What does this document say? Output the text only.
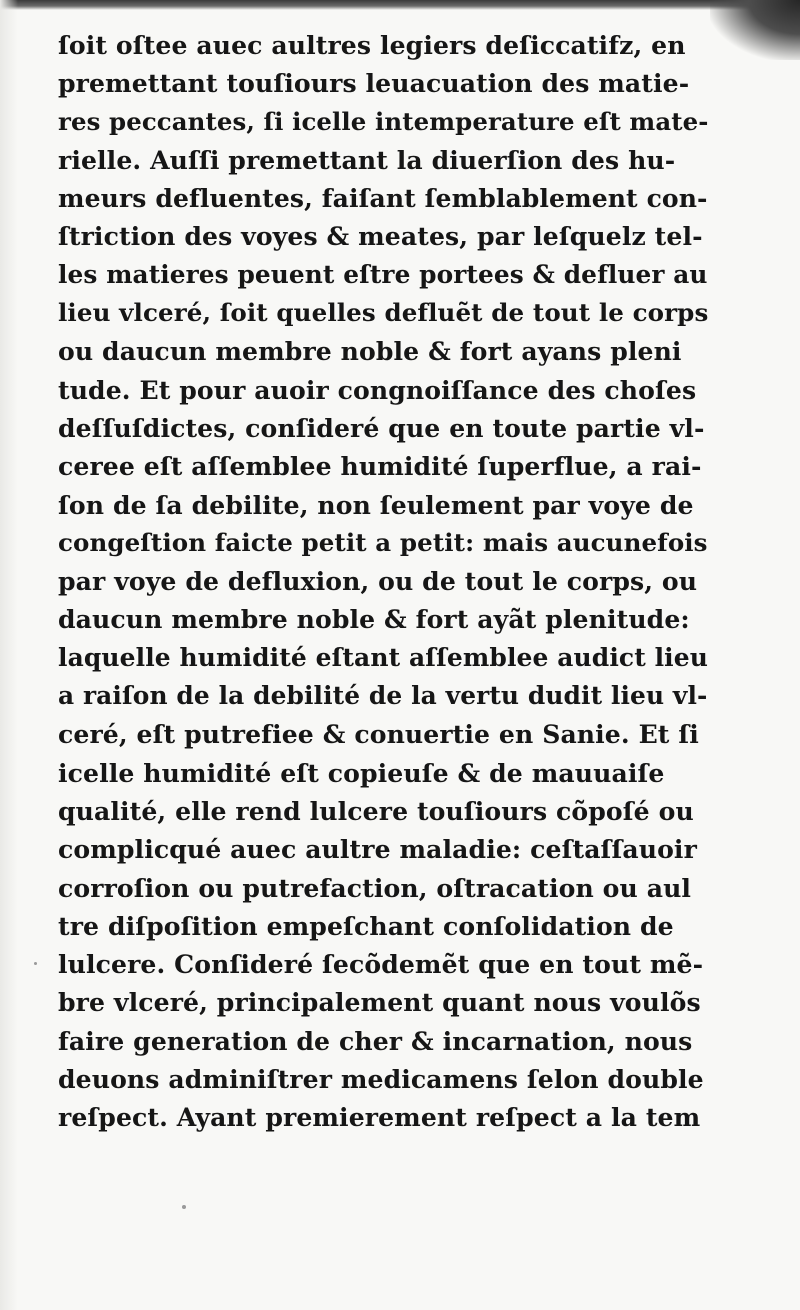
ſoit oſtee auec aultres legiers deſiccatifz, en
premettant touſiours leuacuation des matie-
res peccantes, ſi icelle intemperature eſt mate-
rielle. Auſſi premettant la diuerſion des hu-
meurs defluentes, faiſant ſemblablement con-
ſtriction des voyes & meates, par leſquelz tel-
les matieres peuent eſtre portees & defluer au
lieu vlceré, ſoit quelles defluẽt de tout le corps
ou daucun membre noble & fort ayans pleni
tude. Et pour auoir congnoiſſance des choſes
deſſuſdictes, conſideré que en toute partie vl-
ceree eſt aſſemblee humidité ſuperflue, a rai-
ſon de ſa debilite, non ſeulement par voye de
congeſtion faicte petit a petit: mais aucunefois
par voye de defluxion, ou de tout le corps, ou
daucun membre noble & fort ayãt plenitude:
laquelle humidité eſtant aſſemblee audict lieu
a raiſon de la debilité de la vertu dudit lieu vl-
ceré, eſt putrefiee & conuertie en Sanie. Et ſi
icelle humidité eſt copieuſe & de mauuaiſe
qualité, elle rend lulcere touſiours cõpoſé ou
complicqué auec aultre maladie: ceſtaſſauoir
corroſion ou putrefaction, oſtracation ou aul
tre diſpoſition empeſchant conſolidation de
lulcere. Conſideré ſecõdemẽt que en tout mẽ-
bre vlceré, principalement quant nous voulõs
faire generation de cher & incarnation, nous
deuons adminiſtrer medicamens ſelon double
reſpect. Ayant premierement reſpect a la tem
